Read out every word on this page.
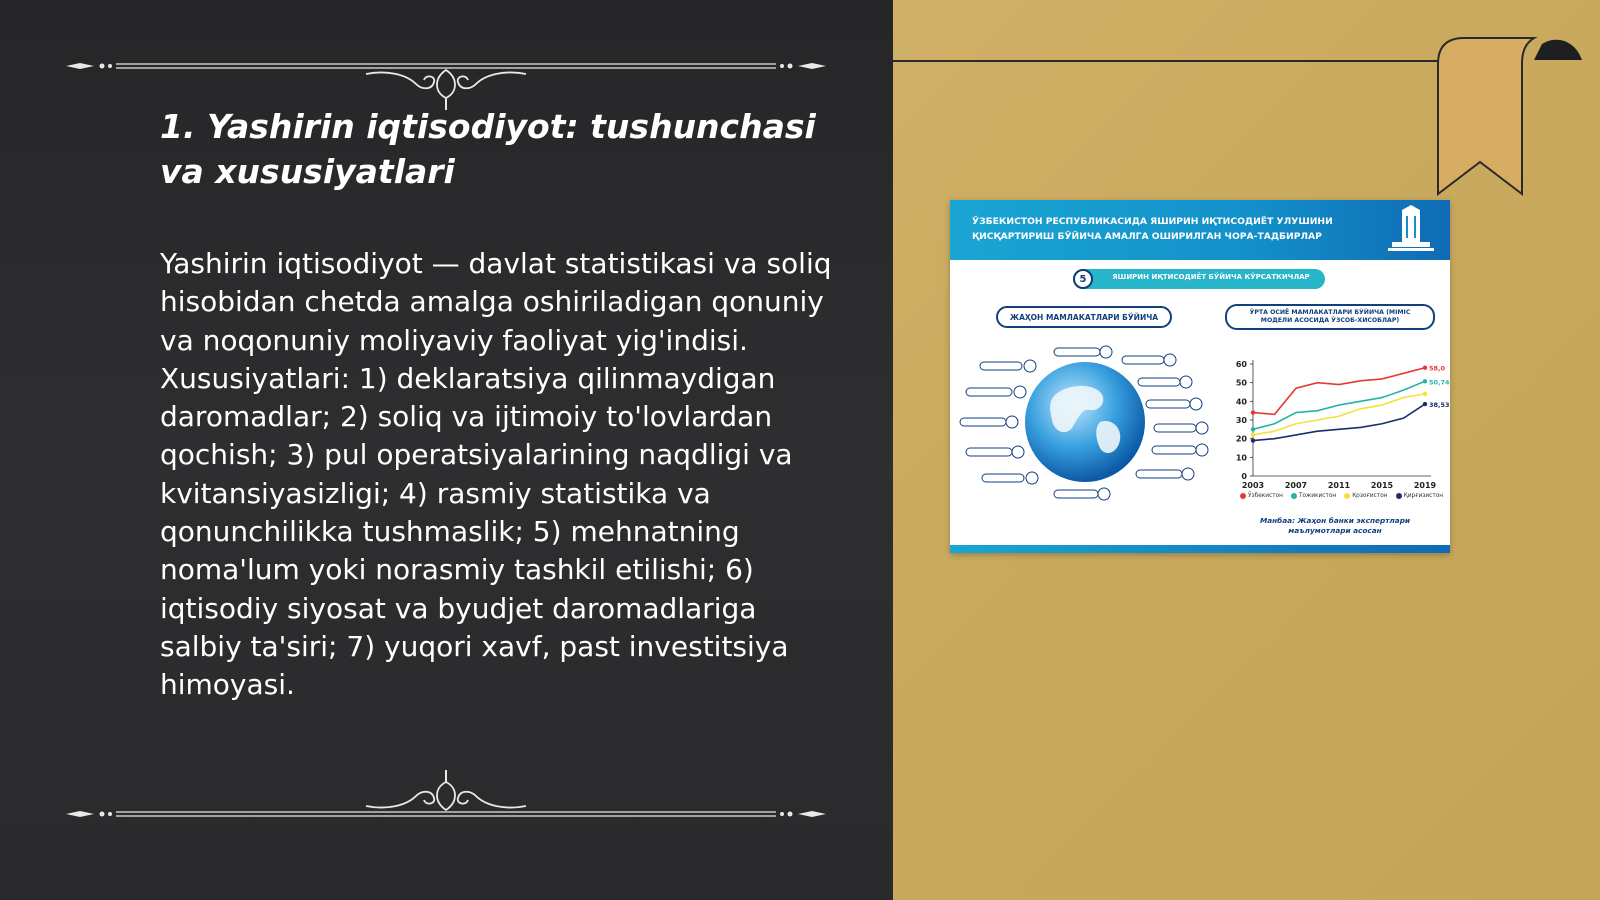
1. Yashirin iqtisodiyot: tushunchasi va xususiyatlari

Yashirin iqtisodiyot — davlat statistikasi va soliq hisobidan chetda amalga oshiriladigan qonuniy va noqonuniy moliyaviy faoliyat yig'indisi. Xususiyatlari: 1) deklaratsiya qilinmaydigan daromadlar; 2) soliq va ijtimoiy to'lovlardan qochish; 3) pul operatsiyalarining naqdligi va kvitansiyasizligi; 4) rasmiy statistika va qonunchilikka tushmaslik; 5) mehnatning noma'lum yoki norasmiy tashkil etilishi; 6) iqtisodiy siyosat va byudjet daromadlariga salbiy ta'siri; 7) yuqori xavf, past investitsiya himoyasi.

ЎЗБЕКИСТОН РЕСПУБЛИКАСИДА ЯШИРИН ИҚТИСОДИЁТ УЛУШИНИ
ҚИСҚАРТИРИШ БЎЙИЧА АМАЛГА ОШИРИЛГАН ЧОРА-ТАДБИРЛАР

5	ЯШИРИН ИҚТИСОДИЁТ БЎЙИЧА КЎРСАТКИЧЛАР
ЖАҲОН МАМЛАКАТЛАРИ БЎЙИЧА	ЎРТА ОСИЁ МАМЛАКАТЛАРИ БЎЙИЧА (MIMIC
МОДЕЛИ АСОСИДА ЎЗСОБ-ХИСОБЛАР)
0
10
20
30
40
50
60
2003	2007	2011	2015	2019
58,0
50,74
38,53
Ўзбекистон	Тожикистон	Қозоғистон	Қирғизистон

Манбаа: Жаҳон банки экспертлари
маълумотлари асосан
